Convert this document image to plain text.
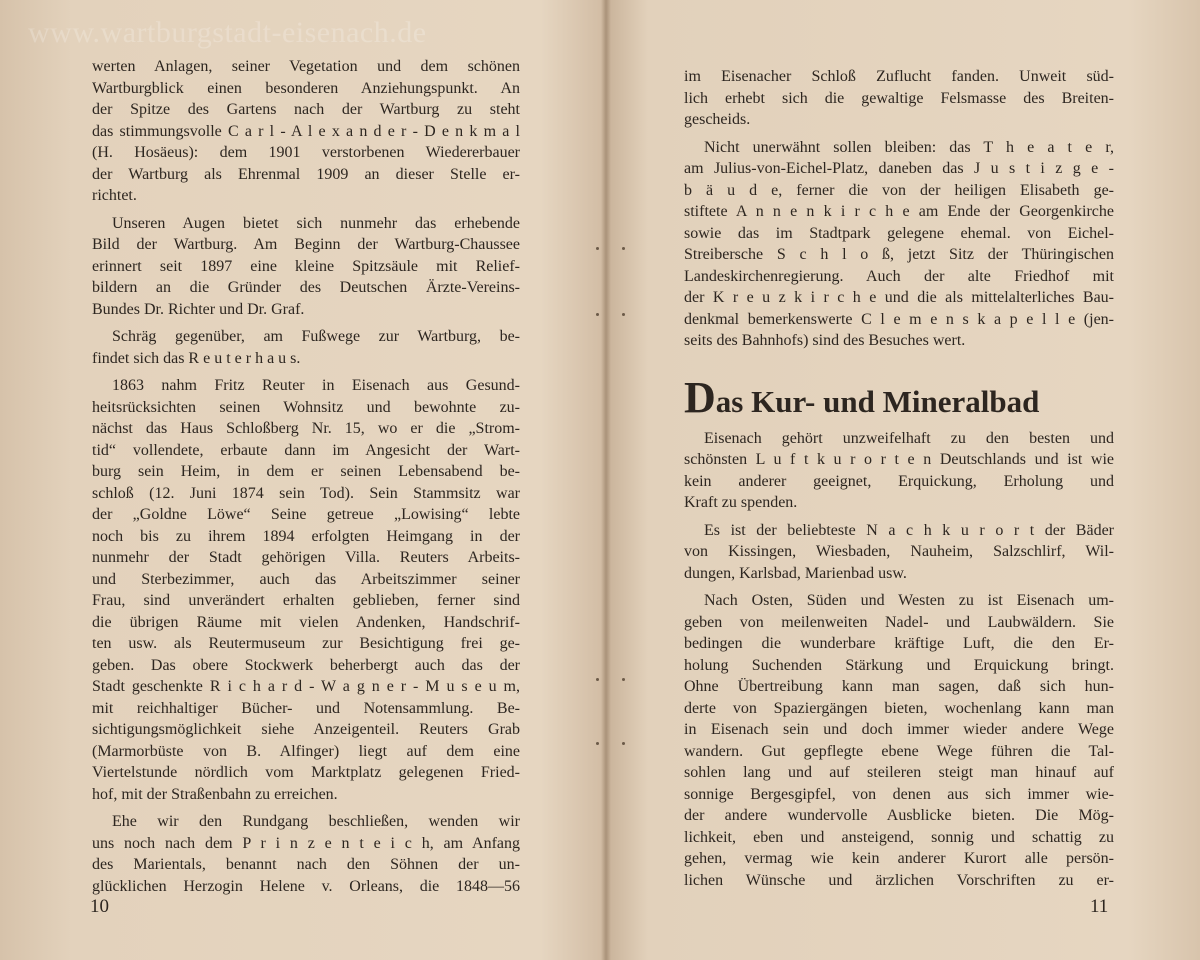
www.wartburgstadt-eisenach.de
werten Anlagen, seiner Vegetation und dem schönen
Wartburgblick einen besonderen Anziehungspunkt. An
der Spitze des Gartens nach der Wartburg zu steht
das stimmungsvolle C a r l - A l e x a n d e r - D e n k m a l
(H. Hosäeus): dem 1901 verstorbenen Wiedererbauer
der Wartburg als Ehrenmal 1909 an dieser Stelle er-
richtet.
Unseren Augen bietet sich nunmehr das erhebende
Bild der Wartburg. Am Beginn der Wartburg-Chaussee
erinnert seit 1897 eine kleine Spitzsäule mit Relief-
bildern an die Gründer des Deutschen Ärzte-Vereins-
Bundes Dr. Richter und Dr. Graf.
Schräg gegenüber, am Fußwege zur Wartburg, be-
findet sich das R e u t e r h a u s.
1863 nahm Fritz Reuter in Eisenach aus Gesund-
heitsrücksichten seinen Wohnsitz und bewohnte zu-
nächst das Haus Schloßberg Nr. 15, wo er die „Strom-
tid“ vollendete, erbaute dann im Angesicht der Wart-
burg sein Heim, in dem er seinen Lebensabend be-
schloß (12. Juni 1874 sein Tod). Sein Stammsitz war
der „Goldne Löwe“ Seine getreue „Lowising“ lebte
noch bis zu ihrem 1894 erfolgten Heimgang in der
nunmehr der Stadt gehörigen Villa. Reuters Arbeits-
und Sterbezimmer, auch das Arbeitszimmer seiner
Frau, sind unverändert erhalten geblieben, ferner sind
die übrigen Räume mit vielen Andenken, Handschrif-
ten usw. als Reutermuseum zur Besichtigung frei ge-
geben. Das obere Stockwerk beherbergt auch das der
Stadt geschenkte R i c h a r d - W a g n e r - M u s e u m,
mit reichhaltiger Bücher- und Notensammlung. Be-
sichtigungsmöglichkeit siehe Anzeigenteil. Reuters Grab
(Marmorbüste von B. Alfinger) liegt auf dem eine
Viertelstunde nördlich vom Marktplatz gelegenen Fried-
hof, mit der Straßenbahn zu erreichen.
Ehe wir den Rundgang beschließen, wenden wir
uns noch nach dem P r i n z e n t e i c h, am Anfang
des Marientals, benannt nach den Söhnen der un-
glücklichen Herzogin Helene v. Orleans, die 1848—56
10
im Eisenacher Schloß Zuflucht fanden. Unweit süd-
lich erhebt sich die gewaltige Felsmasse des Breiten-
gescheids.
Nicht unerwähnt sollen bleiben: das T h e a t e r,
am Julius-von-Eichel-Platz, daneben das J u s t i z g e -
b ä u d e, ferner die von der heiligen Elisabeth ge-
stiftete A n n e n k i r c h e am Ende der Georgenkirche
sowie das im Stadtpark gelegene ehemal. von Eichel-
Streibersche S c h l o ß, jetzt Sitz der Thüringischen
Landeskirchenregierung. Auch der alte Friedhof mit
der K r e u z k i r c h e und die als mittelalterliches Bau-
denkmal bemerkenswerte C l e m e n s k a p e l l e (jen-
seits des Bahnhofs) sind des Besuches wert.
Das Kur- und Mineralbad
Eisenach gehört unzweifelhaft zu den besten und
schönsten L u f t k u r o r t e n Deutschlands und ist wie
kein anderer geeignet, Erquickung, Erholung und
Kraft zu spenden.
Es ist der beliebteste N a c h k u r o r t der Bäder
von Kissingen, Wiesbaden, Nauheim, Salzschlirf, Wil-
dungen, Karlsbad, Marienbad usw.
Nach Osten, Süden und Westen zu ist Eisenach um-
geben von meilenweiten Nadel- und Laubwäldern. Sie
bedingen die wunderbare kräftige Luft, die den Er-
holung Suchenden Stärkung und Erquickung bringt.
Ohne Übertreibung kann man sagen, daß sich hun-
derte von Spaziergängen bieten, wochenlang kann man
in Eisenach sein und doch immer wieder andere Wege
wandern. Gut gepflegte ebene Wege führen die Tal-
sohlen lang und auf steileren steigt man hinauf auf
sonnige Bergesgipfel, von denen aus sich immer wie-
der andere wundervolle Ausblicke bieten. Die Mög-
lichkeit, eben und ansteigend, sonnig und schattig zu
gehen, vermag wie kein anderer Kurort alle persön-
lichen Wünsche und ärzlichen Vorschriften zu er-
11
